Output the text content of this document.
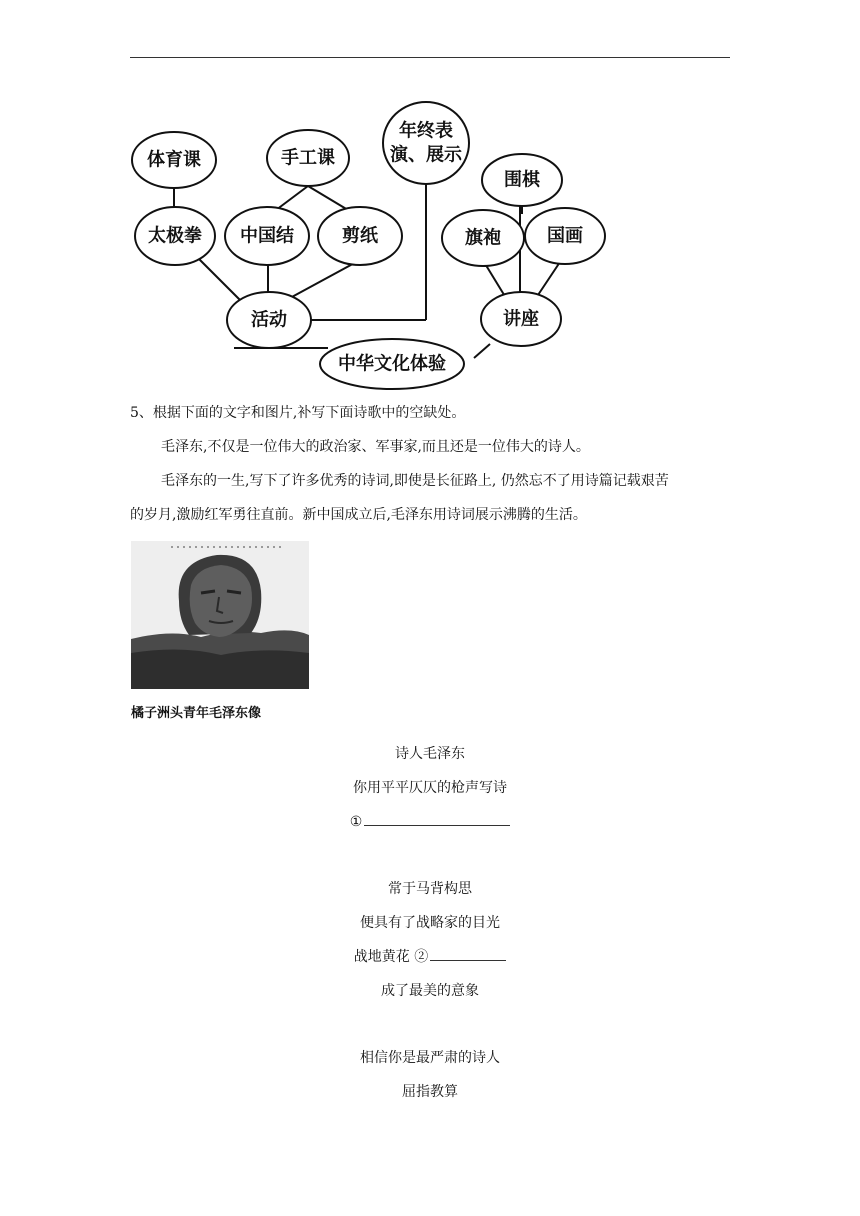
体育课	手工课
年终表
演、展示
围棋
太极拳 中国结	剪纸	旗袍	国画
活动	讲座
中华文化体验
5、根据下面的文字和图片,补写下面诗歌中的空缺处。
毛泽东,不仅是一位伟大的政治家、军事家,而且还是一位伟大的诗人。
毛泽东的一生,写下了许多优秀的诗词,即使是长征路上, 仍然忘不了用诗篇记载艰苦
的岁月,激励红军勇往直前。新中国成立后,毛泽东用诗词展示沸腾的生活。
橘子洲头青年毛泽东像
诗人毛泽东
你用平平仄仄的枪声写诗
①
常于马背构思
便具有了战略家的目光
战地黄花 ②
成了最美的意象
相信你是最严肃的诗人
屈指教算
